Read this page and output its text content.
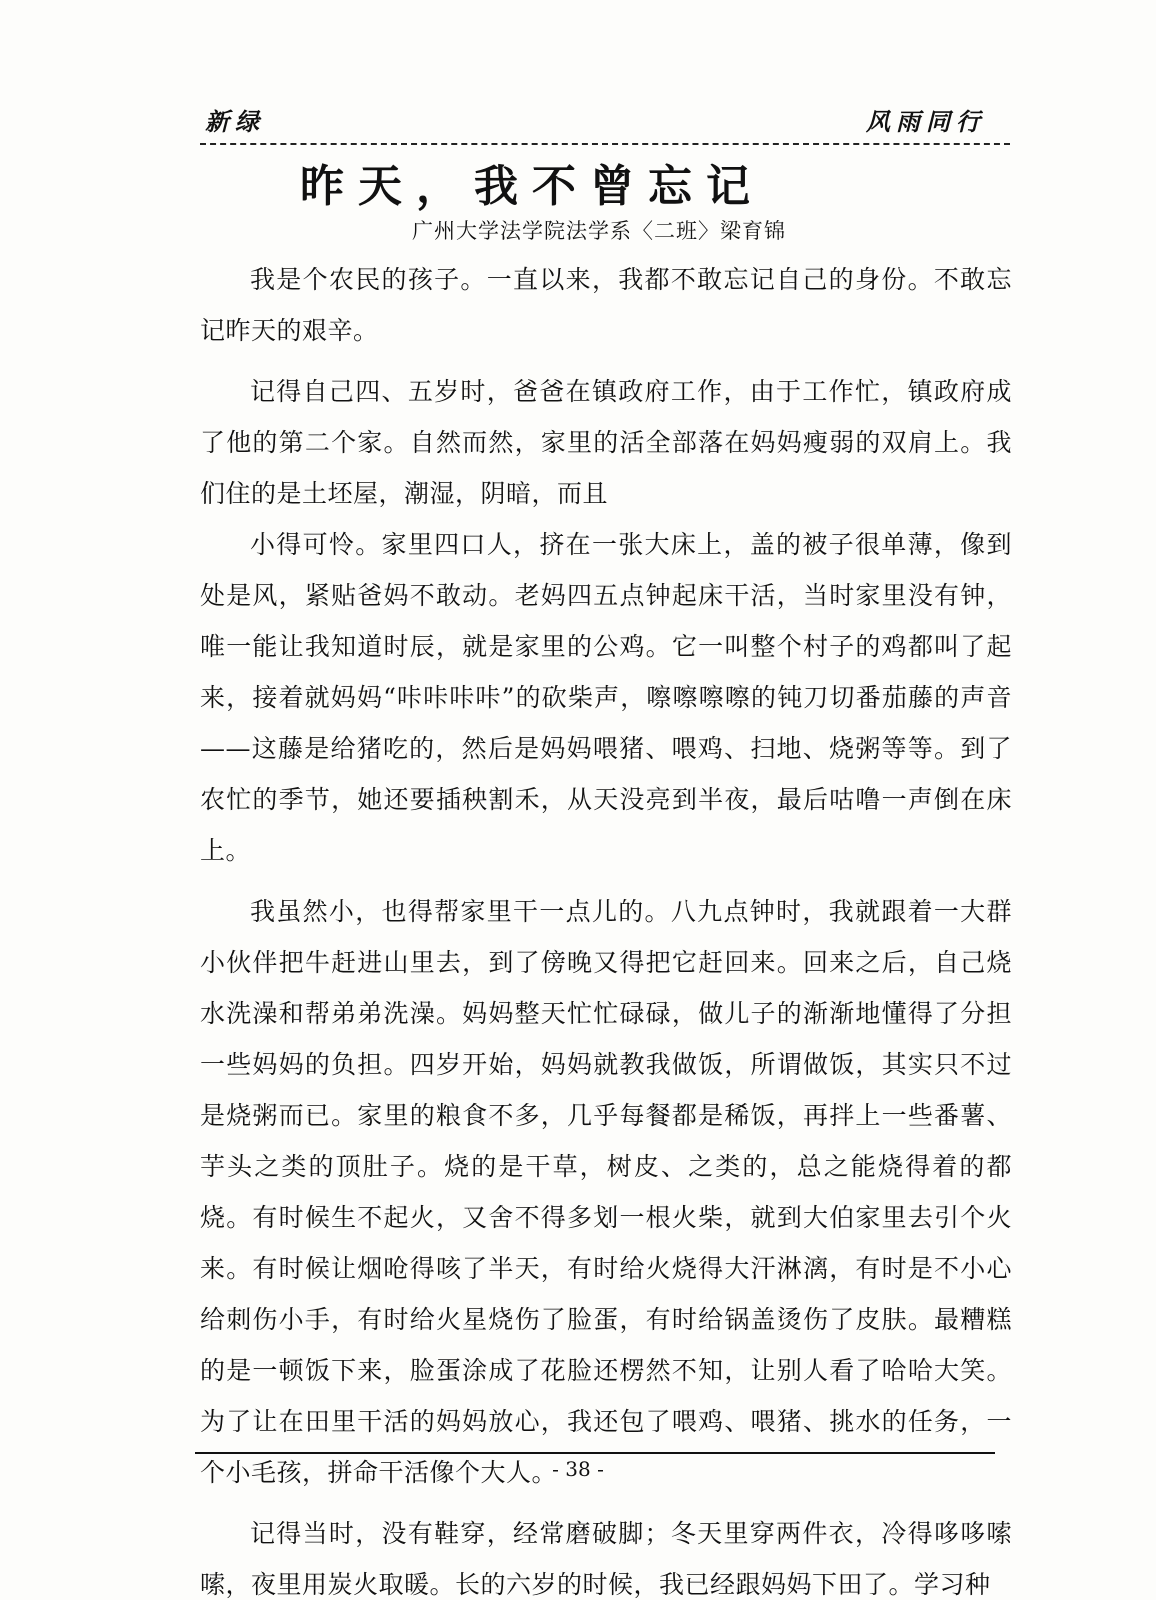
新绿	风雨同行
昨天，我不曾忘记
广州大学法学院法学系〈二班〉梁育锦

我是个农民的孩子。一直以来，我都不敢忘记自己的身份。不敢忘记昨天的艰辛。

记得自己四、五岁时，爸爸在镇政府工作，由于工作忙，镇政府成了他的第二个家。自然而然，家里的活全部落在妈妈瘦弱的双肩上。我们住的是土坯屋，潮湿，阴暗，而且

小得可怜。家里四口人，挤在一张大床上，盖的被子很单薄，像到处是风，紧贴爸妈不敢动。老妈四五点钟起床干活，当时家里没有钟，唯一能让我知道时辰，就是家里的公鸡。它一叫整个村子的鸡都叫了起来，接着就妈妈“咔咔咔咔”的砍柴声，嚓嚓嚓嚓的钝刀切番茄藤的声音——这藤是给猪吃的，然后是妈妈喂猪、喂鸡、扫地、烧粥等等。到了农忙的季节，她还要插秧割禾，从天没亮到半夜，最后咕噜一声倒在床上。

我虽然小，也得帮家里干一点儿的。八九点钟时，我就跟着一大群小伙伴把牛赶进山里去，到了傍晚又得把它赶回来。回来之后，自己烧水洗澡和帮弟弟洗澡。妈妈整天忙忙碌碌，做儿子的渐渐地懂得了分担一些妈妈的负担。四岁开始，妈妈就教我做饭，所谓做饭，其实只不过是烧粥而已。家里的粮食不多，几乎每餐都是稀饭，再拌上一些番薯、芋头之类的顶肚子。烧的是干草，树皮、之类的，总之能烧得着的都烧。有时候生不起火，又舍不得多划一根火柴，就到大伯家里去引个火来。有时候让烟呛得咳了半天，有时给火烧得大汗淋漓，有时是不小心给刺伤小手，有时给火星烧伤了脸蛋，有时给锅盖烫伤了皮肤。最糟糕的是一顿饭下来，脸蛋涂成了花脸还楞然不知，让别人看了哈哈大笑。为了让在田里干活的妈妈放心，我还包了喂鸡、喂猪、挑水的任务，一个小毛孩，拼命干活像个大人。

记得当时，没有鞋穿，经常磨破脚；冬天里穿两件衣，冷得哆哆嗦嗦，夜里用炭火取暖。长的六岁的时候，我已经跟妈妈下田了。学习种

- 38 -
